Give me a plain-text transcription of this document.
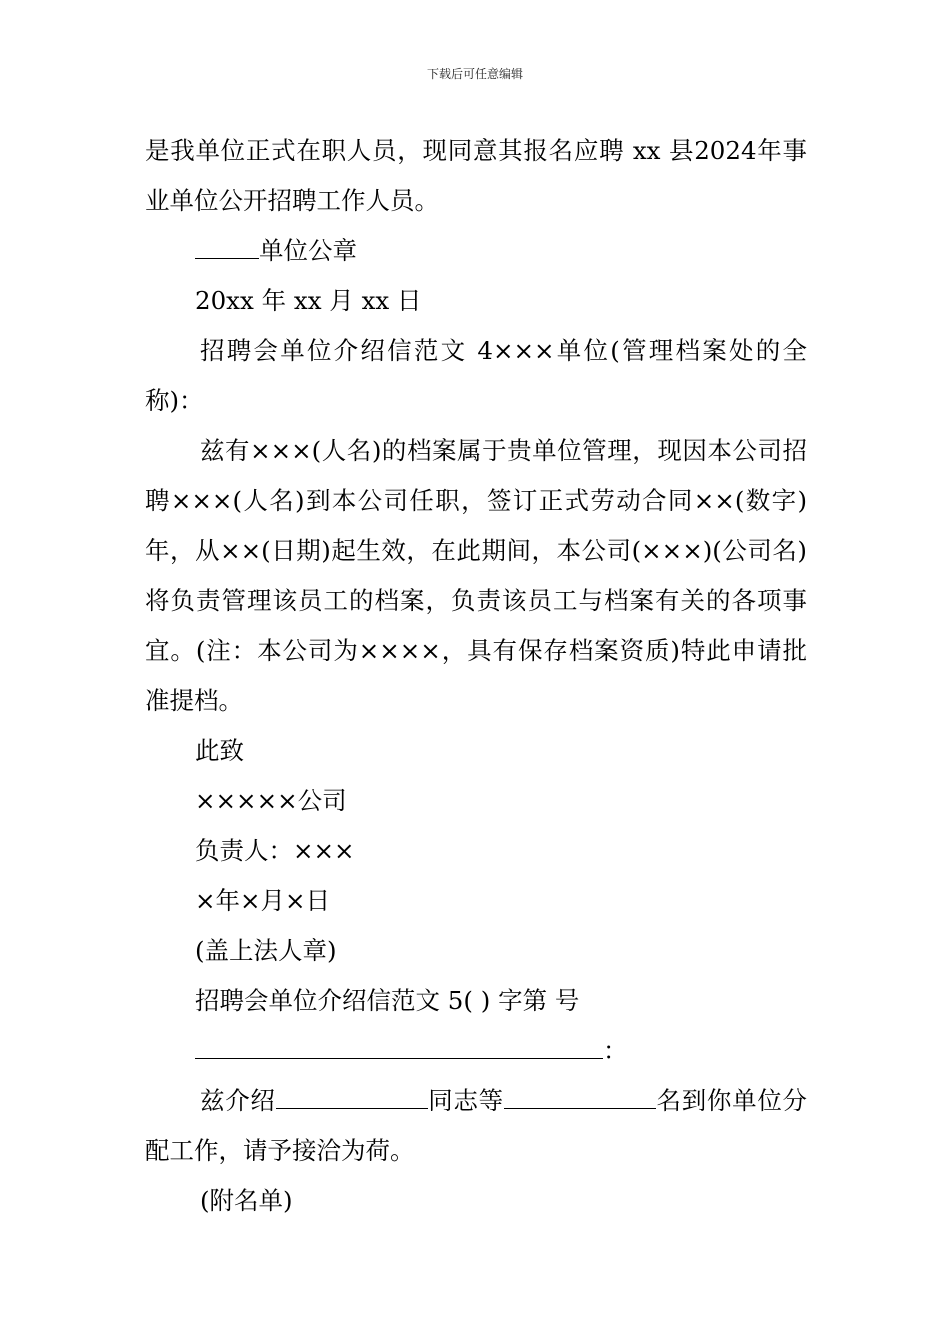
下载后可任意编辑

是我单位正式在职人员，现同意其报名应聘 xx 县2024年事业单位公开招聘工作人员。

单位公章

20xx 年 xx 月 xx 日

招聘会单位介绍信范文 4×××单位(管理档案处的全称)：

兹有×××(人名)的档案属于贵单位管理，现因本公司招聘×××(人名)到本公司任职，签订正式劳动合同××(数字)年，从××(日期)起生效，在此期间，本公司(×××)(公司名)将负责管理该员工的档案，负责该员工与档案有关的各项事宜。(注：本公司为××××，具有保存档案资质)特此申请批准提档。

此致

×××××公司

负责人：×××

×年×月×日

(盖上法人章)

招聘会单位介绍信范文 5( ) 字第 号

：

兹介绍	同志等	名到你单位分配工作，请予接洽为荷。

(附名单)
